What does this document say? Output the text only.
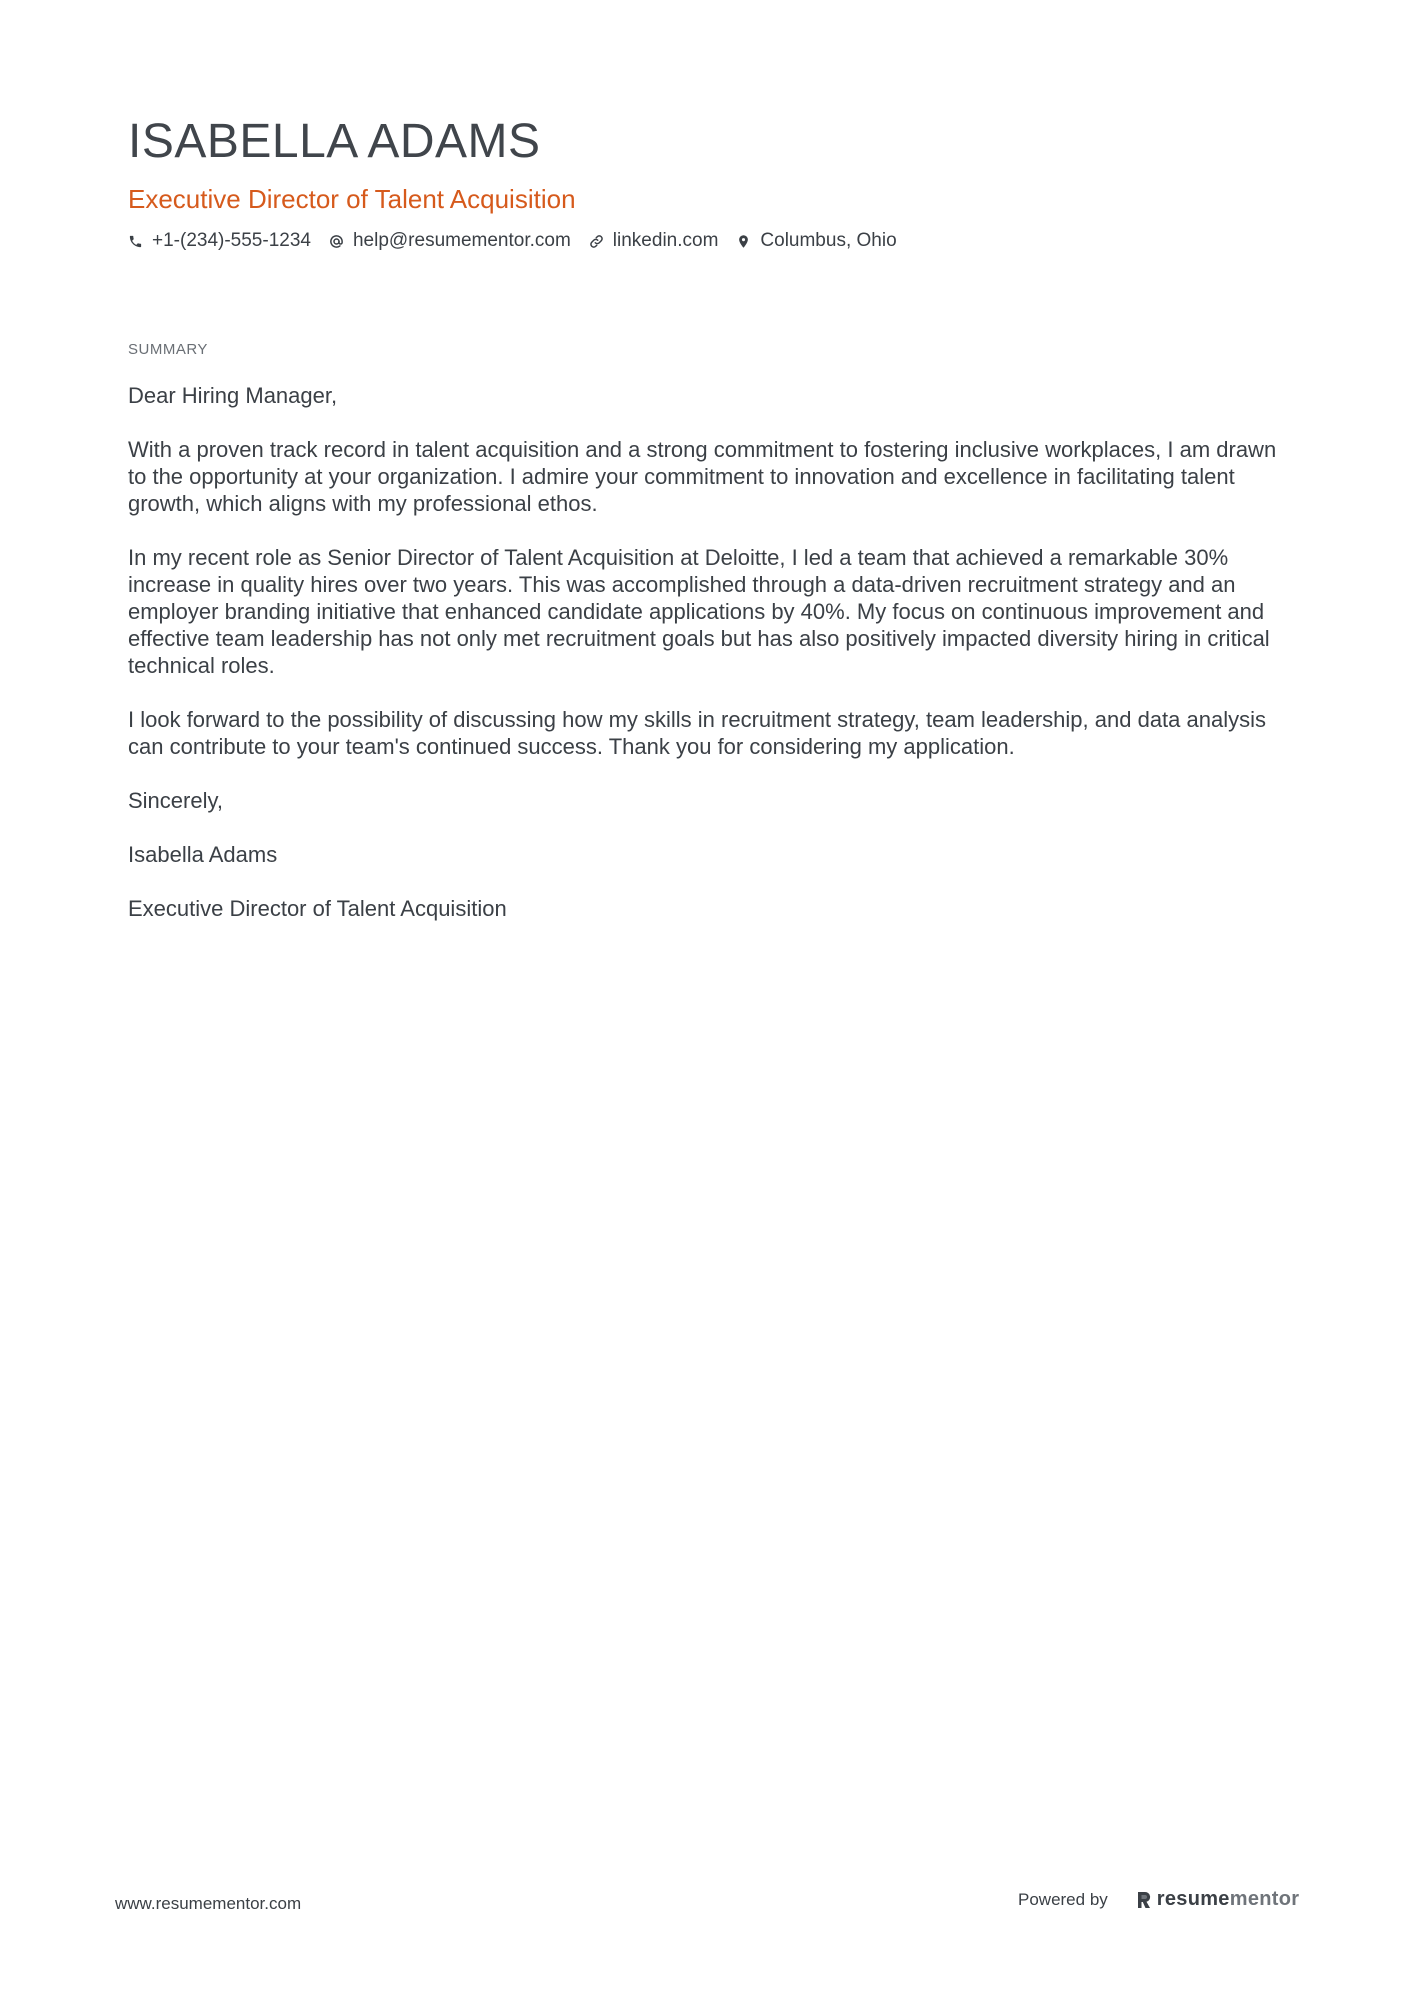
ISABELLA ADAMS
Executive Director of Talent Acquisition
+1-(234)-555-1234 help@resumementor.com linkedin.com Columbus, Ohio
SUMMARY

Dear Hiring Manager,

With a proven track record in talent acquisition and a strong commitment to fostering inclusive workplaces, I am drawn to the opportunity at your organization. I admire your commitment to innovation and excellence in facilitating talent growth, which aligns with my professional ethos.

In my recent role as Senior Director of Talent Acquisition at Deloitte, I led a team that achieved a remarkable 30% increase in quality hires over two years. This was accomplished through a data-driven recruitment strategy and an employer branding initiative that enhanced candidate applications by 40%. My focus on continuous improvement and effective team leadership has not only met recruitment goals but has also positively impacted diversity hiring in critical technical roles.

I look forward to the possibility of discussing how my skills in recruitment strategy, team leadership, and data analysis can contribute to your team's continued success. Thank you for considering my application.

Sincerely,

Isabella Adams

Executive Director of Talent Acquisition

www.resumementor.com	Powered by resume mentor
